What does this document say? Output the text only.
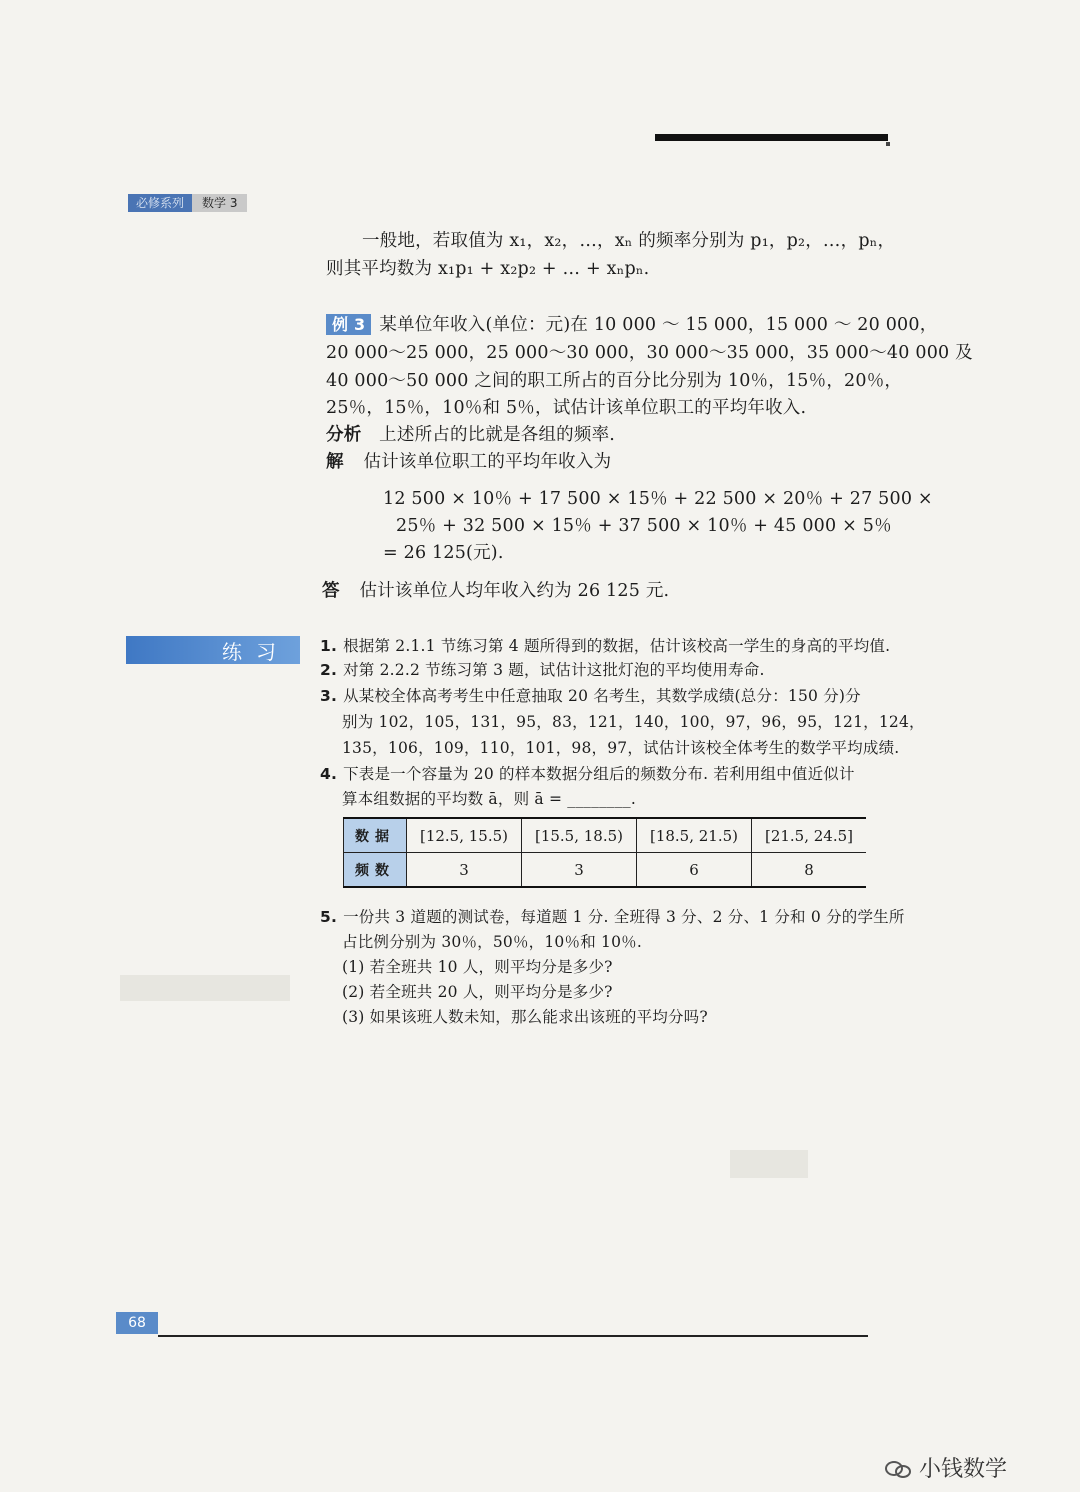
必修系列	数学 3
一般地，若取值为 x₁，x₂，…，xₙ 的频率分别为 p₁，p₂，…，pₙ，
则其平均数为 x₁p₁ + x₂p₂ + … + xₙpₙ.
例 3 某单位年收入(单位：元)在 10 000 ～ 15 000，15 000 ～ 20 000，
20 000～25 000，25 000～30 000，30 000～35 000，35 000～40 000 及
40 000～50 000 之间的职工所占的百分比分别为 10％，15％，20％，
25％，15％，10％和 5％，试估计该单位职工的平均年收入.
分析 上述所占的比就是各组的频率.
解 估计该单位职工的平均年收入为
12 500 × 10％ + 17 500 × 15％ + 22 500 × 20％ + 27 500 ×
25％ + 32 500 × 15％ + 37 500 × 10％ + 45 000 × 5％
= 26 125(元).
答 估计该单位人均年收入约为 26 125 元.
练习	1. 根据第 2.1.1 节练习第 4 题所得到的数据，估计该校高一学生的身高的平均值.
2. 对第 2.2.2 节练习第 3 题，试估计这批灯泡的平均使用寿命.
3. 从某校全体高考考生中任意抽取 20 名考生，其数学成绩(总分：150 分)分
别为 102，105，131，95，83，121，140，100，97，96，95，121，124，
135，106，109，110，101，98，97，试估计该校全体考生的数学平均成绩.
4. 下表是一个容量为 20 的样本数据分组后的频数分布. 若利用组中值近似计
算本组数据的平均数 ā，则 ā = ________.
数据	[12.5, 15.5)	[15.5, 18.5)	[18.5, 21.5)	[21.5, 24.5]
频数	3	3	6	8
5. 一份共 3 道题的测试卷，每道题 1 分. 全班得 3 分、2 分、1 分和 0 分的学生所
占比例分别为 30％，50％，10％和 10％.
(1) 若全班共 10 人，则平均分是多少?
(2) 若全班共 20 人，则平均分是多少?
(3) 如果该班人数未知，那么能求出该班的平均分吗?
68
小钱数学
